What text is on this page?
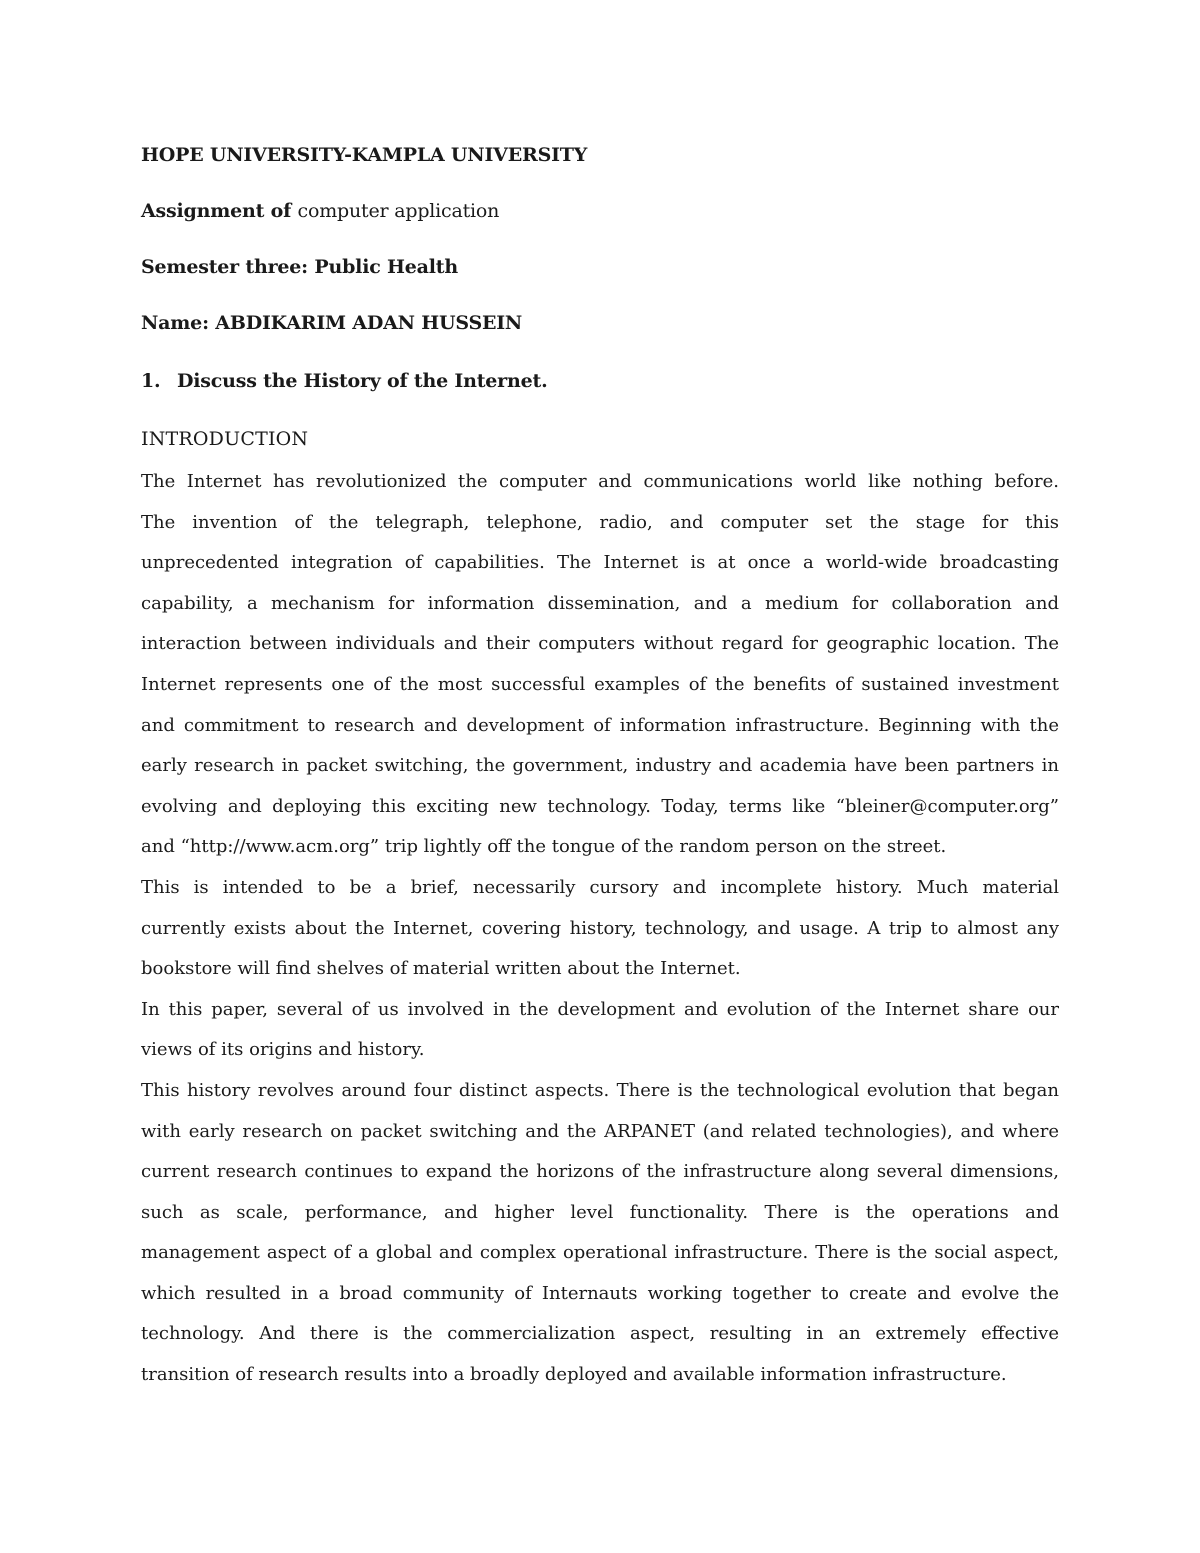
HOPE UNIVERSITY-KAMPLA UNIVERSITY
Assignment of computer application
Semester three: Public Health
Name: ABDIKARIM ADAN HUSSEIN
1. Discuss the History of the Internet.
INTRODUCTION
The Internet has revolutionized the computer and communications world like nothing before.
The invention of the telegraph, telephone, radio, and computer set the stage for this
unprecedented integration of capabilities. The Internet is at once a world-wide broadcasting
capability, a mechanism for information dissemination, and a medium for collaboration and
interaction between individuals and their computers without regard for geographic location. The
Internet represents one of the most successful examples of the benefits of sustained investment
and commitment to research and development of information infrastructure. Beginning with the
early research in packet switching, the government, industry and academia have been partners in
evolving and deploying this exciting new technology. Today, terms like “bleiner@computer.org”
and “http://www.acm.org” trip lightly off the tongue of the random person on the street.
This is intended to be a brief, necessarily cursory and incomplete history. Much material
currently exists about the Internet, covering history, technology, and usage. A trip to almost any
bookstore will find shelves of material written about the Internet.
In this paper, several of us involved in the development and evolution of the Internet share our
views of its origins and history.
This history revolves around four distinct aspects. There is the technological evolution that began
with early research on packet switching and the ARPANET (and related technologies), and where
current research continues to expand the horizons of the infrastructure along several dimensions,
such as scale, performance, and higher level functionality. There is the operations and
management aspect of a global and complex operational infrastructure. There is the social aspect,
which resulted in a broad community of Internauts working together to create and evolve the
technology. And there is the commercialization aspect, resulting in an extremely effective
transition of research results into a broadly deployed and available information infrastructure.
